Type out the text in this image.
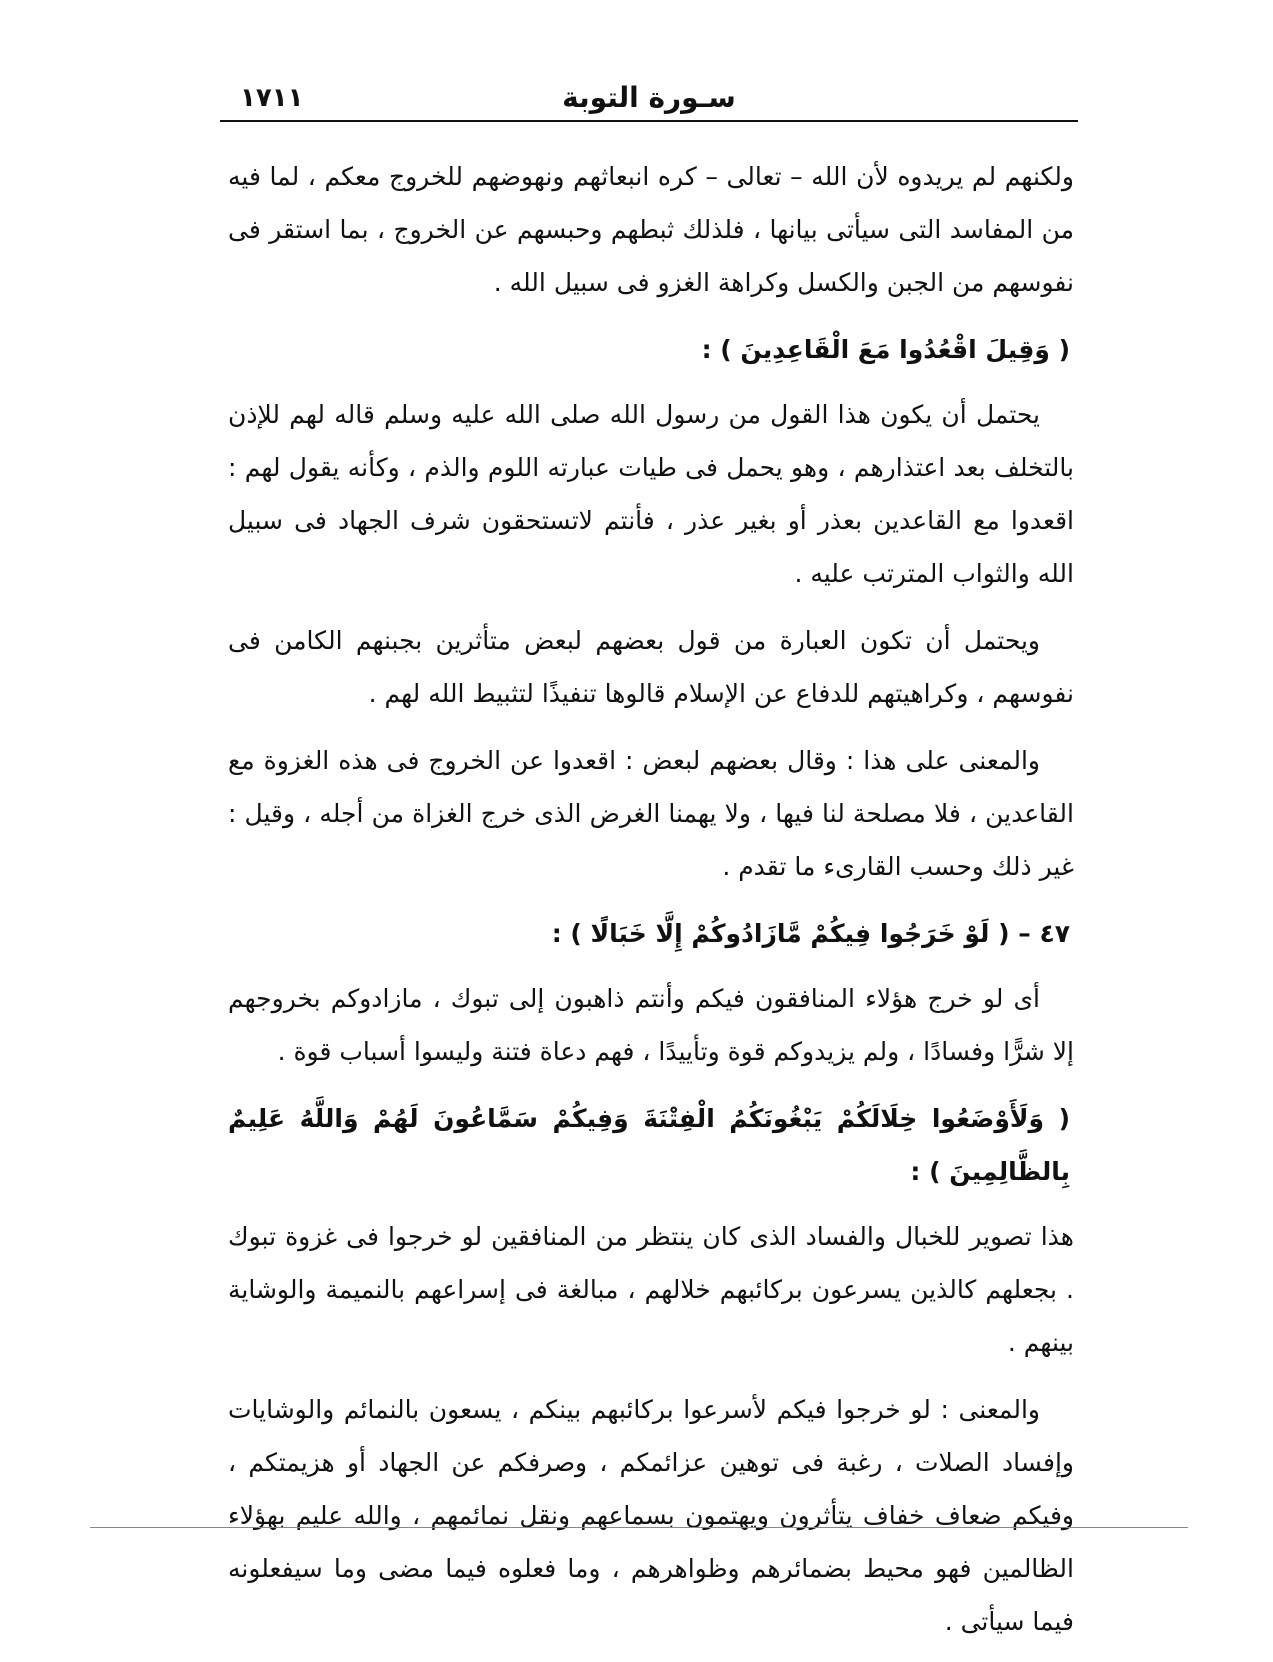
سـورة التوبة
١٧١١

ولكنهم لم يريدوه لأن الله – تعالى – كره انبعاثهم ونهوضهم للخروج معكم ، لما فيه من المفاسد التى سيأتى بيانها ، فلذلك ثبطهم وحبسهم عن الخروج ، بما استقر فى نفوسهم من الجبن والكسل وكراهة الغزو فى سبيل الله .

( وَقِيلَ اقْعُدُوا مَعَ الْقَاعِدِينَ ) :

يحتمل أن يكون هذا القول من رسول الله صلى الله عليه وسلم قاله لهم للإذن بالتخلف بعد اعتذارهم ، وهو يحمل فى طيات عبارته اللوم والذم ، وكأنه يقول لهم : اقعدوا مع القاعدين بعذر أو بغير عذر ، فأنتم لاتستحقون شرف الجهاد فى سبيل الله والثواب المترتب عليه .

ويحتمل أن تكون العبارة من قول بعضهم لبعض متأثرين بجبنهم الكامن فى نفوسهم ، وكراهيتهم للدفاع عن الإسلام قالوها تنفيذًا لتثبيط الله لهم .

والمعنى على هذا : وقال بعضهم لبعض : اقعدوا عن الخروج فى هذه الغزوة مع القاعدين ، فلا مصلحة لنا فيها ، ولا يهمنا الغرض الذى خرج الغزاة من أجله ، وقيل : غير ذلك وحسب القارىء ما تقدم .

٤٧ – ( لَوْ خَرَجُوا فِيكُمْ مَّازَادُوكُمْ إِلَّا خَبَالًا ) :

أى لو خرج هؤلاء المنافقون فيكم وأنتم ذاهبون إلى تبوك ، مازادوكم بخروجهم إلا شرًّا وفسادًا ، ولم يزيدوكم قوة وتأييدًا ، فهم دعاة فتنة وليسوا أسباب قوة .

( وَلَأَوْضَعُوا خِلَالَكُمْ يَبْغُونَكُمُ الْفِتْنَةَ وَفِيكُمْ سَمَّاعُونَ لَهُمْ وَاللَّهُ عَلِيمٌ بِالظَّالِمِينَ ) :

هذا تصوير للخبال والفساد الذى كان ينتظر من المنافقين لو خرجوا فى غزوة تبوك . بجعلهم كالذين يسرعون بركائبهم خلالهم ، مبالغة فى إسراعهم بالنميمة والوشاية بينهم .

والمعنى : لو خرجوا فيكم لأسرعوا بركائبهم بينكم ، يسعون بالنمائم والوشايات وإفساد الصلات ، رغبة فى توهين عزائمكم ، وصرفكم عن الجهاد أو هزيمتكم ، وفيكم ضعاف خفاف يتأثرون ويهتمون بسماعهم ونقل نمائمهم ، والله عليم بهؤلاء الظالمين فهو محيط بضمائرهم وظواهرهم ، وما فعلوه فيما مضى وما سيفعلونه فيما سيأتى .
